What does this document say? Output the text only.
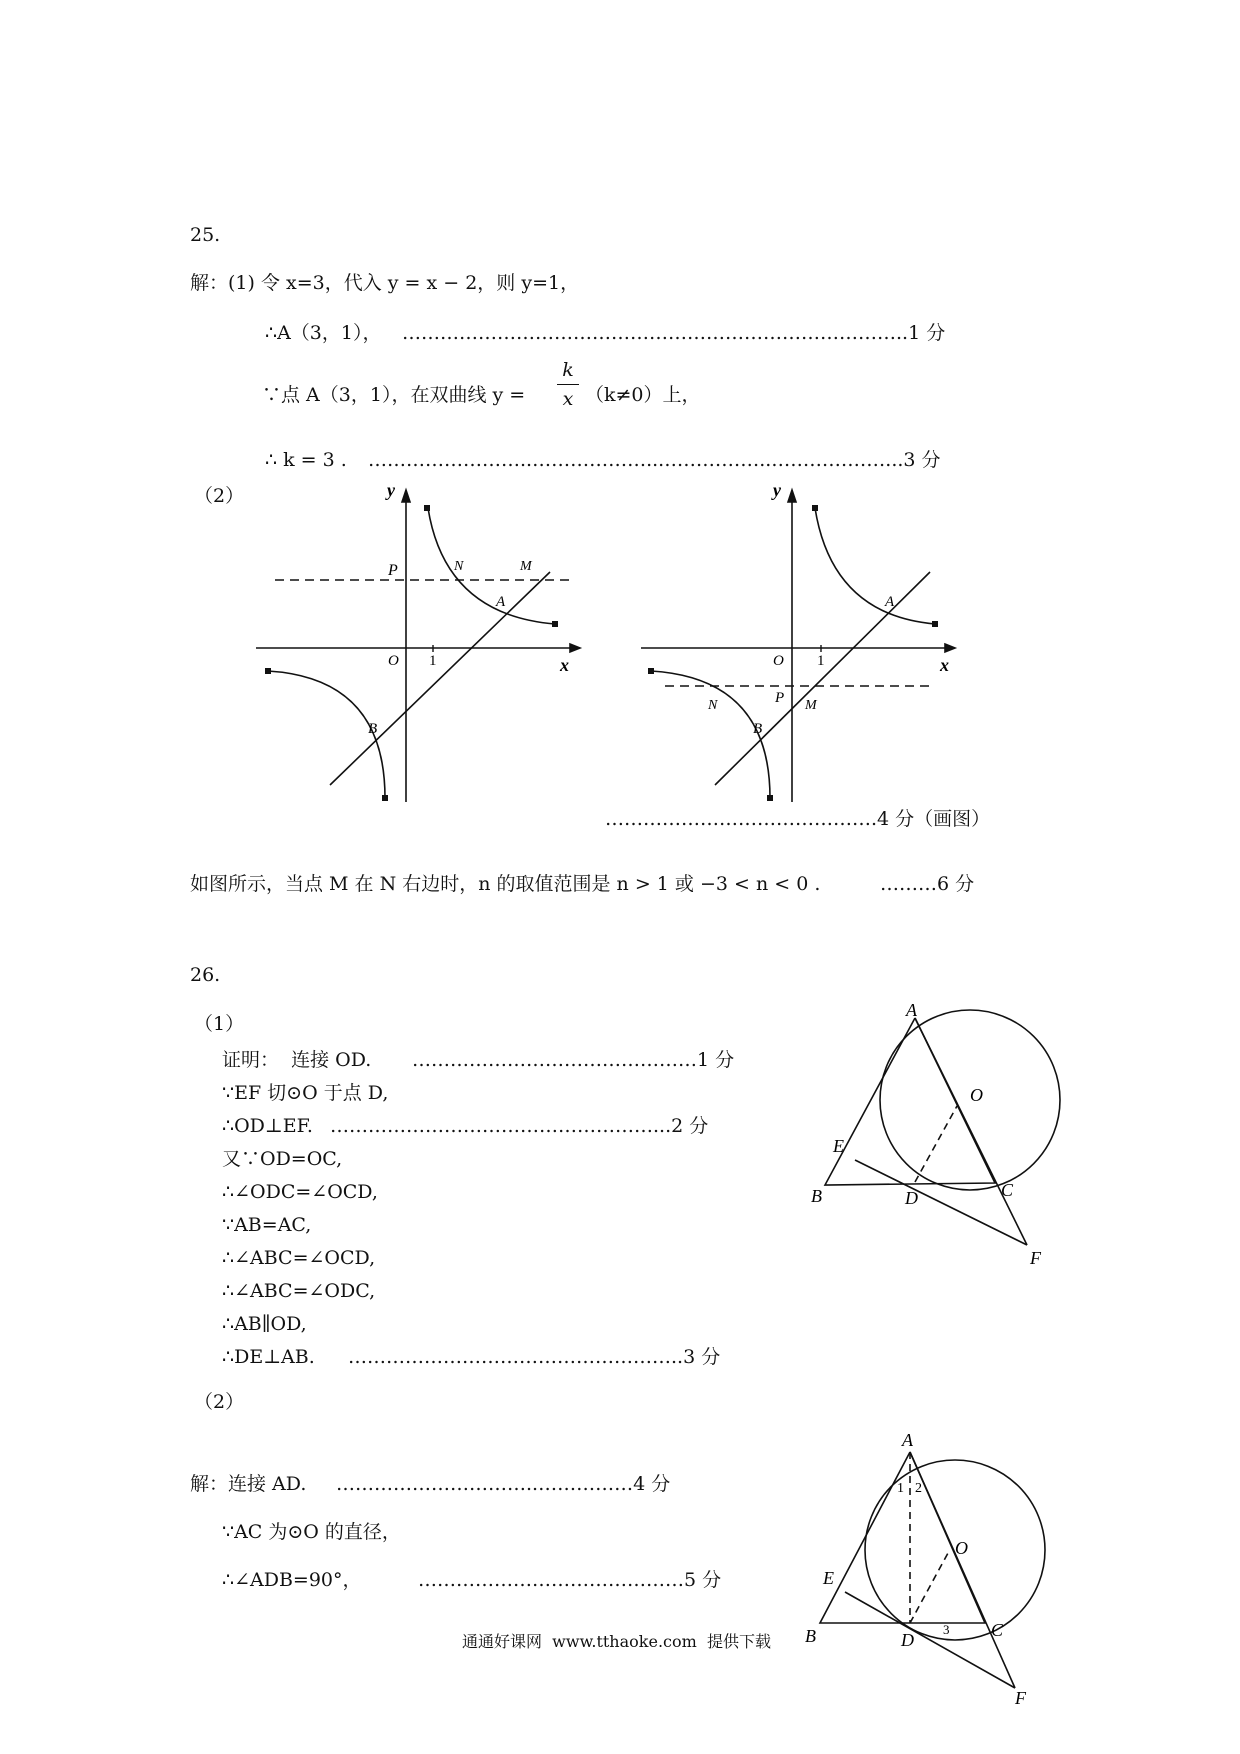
25.
解：(1) 令 x=3，代入 y = x − 2，则 y=1，
∴A（3，1）， ……………………………………………………………………..1 分
∵点 A（3，1），在双曲线 y =
k
x （k≠0）上，
∴ k = 3 . ……………………..………………...……………..………………...3 分
（2）	y
x
O 1
P	N	M
A
B
y
x
O 1
P
N	M
A
B
…………………………………….4 分（画图）
如图所示，当点 M 在 N 右边时，n 的取值范围是 n > 1 或 −3 < n < 0 .	………6 分
26.
（1）
证明：  连接 OD. ………………………………………1 分
∵EF 切⊙O 于点 D,
∴OD⊥EF. ……………………………………………...2 分
又∵OD=OC,
∴∠ODC=∠OCD,
∵AB=AC,
∴∠ABC=∠OCD,
∴∠ABC=∠ODC,
∴AB∥OD,
∴DE⊥AB. ……………………………………………..3 分
（2）
解：连接 AD. …………………………..……………4 分
∵AC 为⊙O 的直径，
∴∠ADB=90°，	……………………………………5 分
A
O
E
B	D	C
F
A
O
E
B	D	C
F
1 2
3
通通好课网  www.tthaoke.com  提供下载
